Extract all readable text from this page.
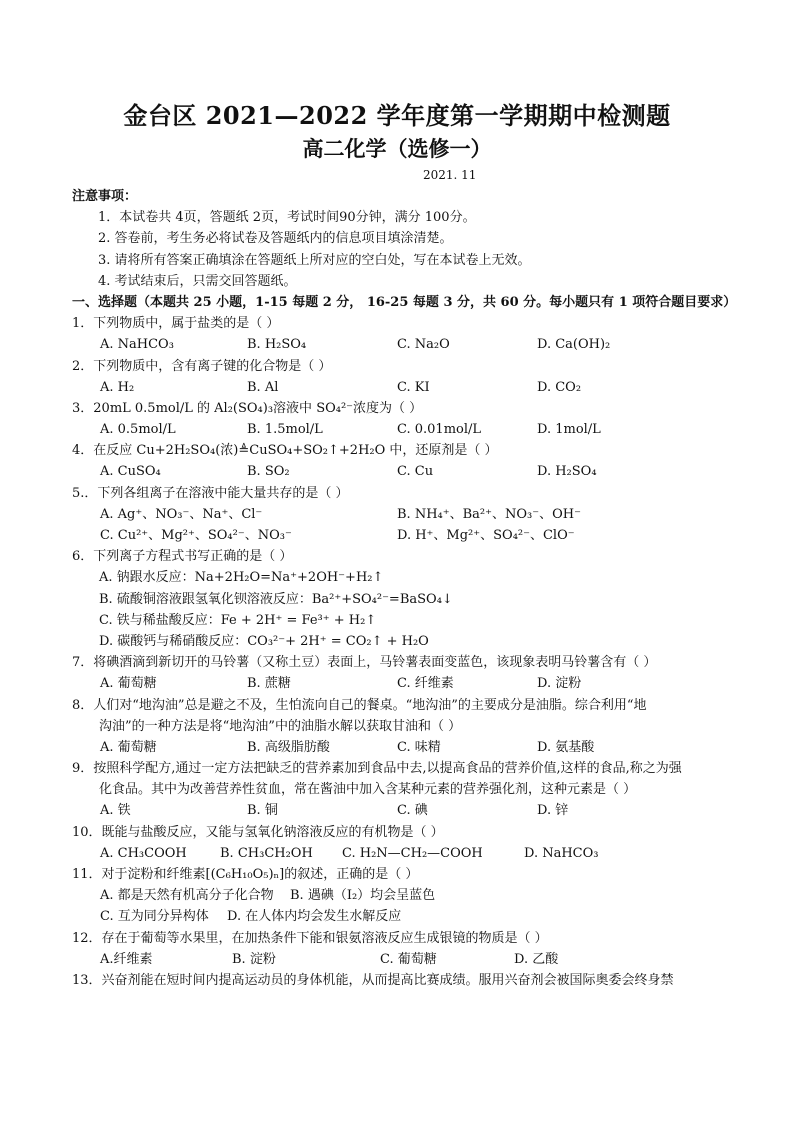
金台区 2021—2022 学年度第一学期期中检测题
高二化学（选修一）
2021. 11
注意事项：
1．本试卷共 4页，答题纸 2页，考试时间90分钟，满分 100分。
2. 答卷前，考生务必将试卷及答题纸内的信息项目填涂清楚。
3. 请将所有答案正确填涂在答题纸上所对应的空白处，写在本试卷上无效。
4. 考试结束后，只需交回答题纸。
一、选择题（本题共 25 小题，1-15 每题 2 分， 16-25 每题 3 分，共 60 分。每小题只有 1 项符合题目要求）
1．下列物质中，属于盐类的是（ ）
A. NaHCO₃	B. H₂SO₄	C. Na₂O	D. Ca(OH)₂
2．下列物质中，含有离子键的化合物是（ ）
A. H₂	B. Al	C. KI	D. CO₂
3．20mL 0.5mol/L 的 Al₂(SO₄)₃溶液中 SO₄²⁻浓度为（ ）
A. 0.5mol/L	B. 1.5mol/L	C. 0.01mol/L	D. 1mol/L
4．在反应 Cu+2H₂SO₄(浓)≜CuSO₄+SO₂↑+2H₂O 中，还原剂是（ ）
A. CuSO₄	B. SO₂	C. Cu	D. H₂SO₄
5.．下列各组离子在溶液中能大量共存的是（ ）
A. Ag⁺、NO₃⁻、Na⁺、Cl⁻	B. NH₄⁺、Ba²⁺、NO₃⁻、OH⁻
C. Cu²⁺、Mg²⁺、SO₄²⁻、NO₃⁻	D. H⁺、Mg²⁺、SO₄²⁻、ClO⁻
6．下列离子方程式书写正确的是（ ）
A. 钠跟水反应：Na+2H₂O=Na⁺+2OH⁻+H₂↑
B. 硫酸铜溶液跟氢氧化钡溶液反应：Ba²⁺+SO₄²⁻=BaSO₄↓
C. 铁与稀盐酸反应：Fe + 2H⁺ = Fe³⁺ + H₂↑
D. 碳酸钙与稀硝酸反应：CO₃²⁻+ 2H⁺ = CO₂↑ + H₂O
7．将碘酒滴到新切开的马铃薯（又称土豆）表面上，马铃薯表面变蓝色，该现象表明马铃薯含有（ ）
A. 葡萄糖	B. 蔗糖	C. 纤维素	D. 淀粉
8．人们对“地沟油”总是避之不及，生怕流向自己的餐桌。“地沟油”的主要成分是油脂。综合利用“地
沟油”的一种方法是将“地沟油”中的油脂水解以获取甘油和（ ）
A. 葡萄糖	B. 高级脂肪酸	C. 味精	D. 氨基酸
9．按照科学配方,通过一定方法把缺乏的营养素加到食品中去,以提高食品的营养价值,这样的食品,称之为强
化食品。其中为改善营养性贫血，常在酱油中加入含某种元素的营养强化剂，这种元素是（ ）
A. 铁	B. 铜	C. 碘	D. 锌
10．既能与盐酸反应，又能与氢氧化钠溶液反应的有机物是（ ）
A. CH₃COOH	B. CH₃CH₂OH C. H₂N—CH₂—COOH	D. NaHCO₃
11．对于淀粉和纤维素[(C₆H₁₀O₅)ₙ]的叙述，正确的是（ ）
A. 都是天然有机高分子化合物 B. 遇碘（I₂）均会呈蓝色
C. 互为同分异构体 D. 在人体内均会发生水解反应
12．存在于葡萄等水果里，在加热条件下能和银氨溶液反应生成银镜的物质是（ ）
A.纤维素	B. 淀粉	C. 葡萄糖	D. 乙酸
13．兴奋剂能在短时间内提高运动员的身体机能，从而提高比赛成绩。服用兴奋剂会被国际奥委会终身禁
